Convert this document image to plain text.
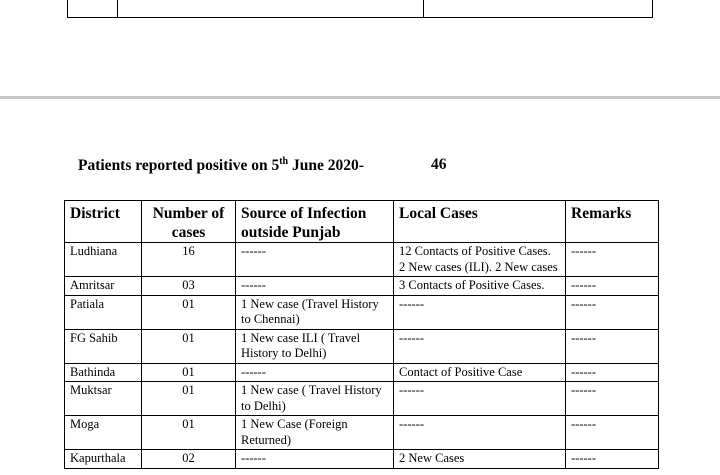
Patients reported positive on 5th June 2020-	46
District	Number of cases	Source of Infection outside Punjab	Local Cases	Remarks
Ludhiana	16	------	12 Contacts of Positive Cases. 2 New cases (ILI). 2 New cases	------
Amritsar	03	------	3 Contacts of Positive Cases.	------
Patiala	01	1 New case (Travel History to Chennai)	------	------
FG Sahib	01	1 New case ILI ( Travel History to Delhi)	------	------
Bathinda	01	------	Contact of Positive Case	------
Muktsar	01	1 New case ( Travel History to Delhi)	------	------
Moga	01	1 New Case (Foreign Returned)	------	------
Kapurthala	02	------	2 New Cases	------
